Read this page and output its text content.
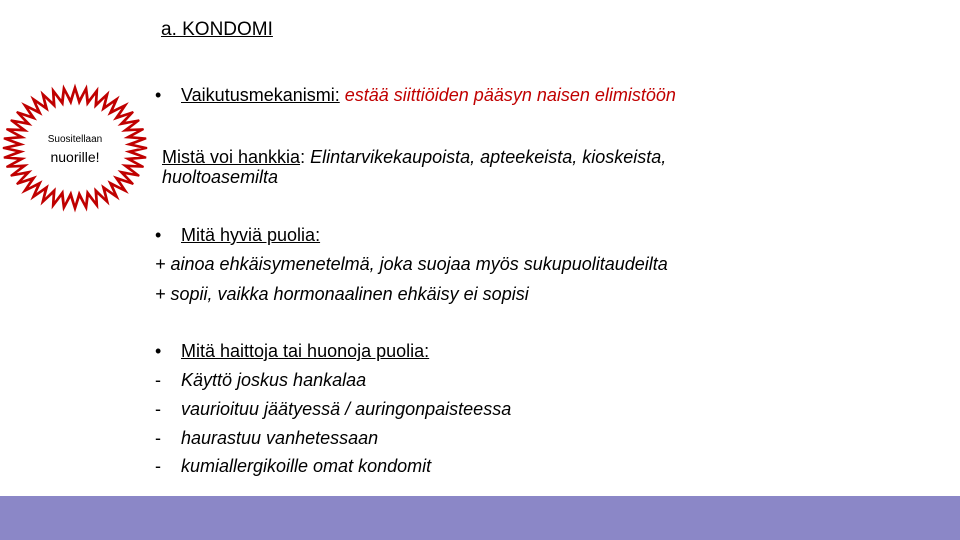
a. KONDOMI
Suositellaan
nuorille!
• Vaikutusmekanismi: estää siittiöiden pääsyn naisen elimistöön
Mistä voi hankkia: Elintarvikekaupoista, apteekeista, kioskeista,
huoltoasemilta
• Mitä hyviä puolia:
+ ainoa ehkäisymenetelmä, joka suojaa myös sukupuolitaudeilta
+ sopii, vaikka hormonaalinen ehkäisy ei sopisi
• Mitä haittoja tai huonoja puolia:
- Käyttö joskus hankalaa
- vaurioituu jäätyessä / auringonpaisteessa
- haurastuu vanhetessaan
- kumiallergikoille omat kondomit
